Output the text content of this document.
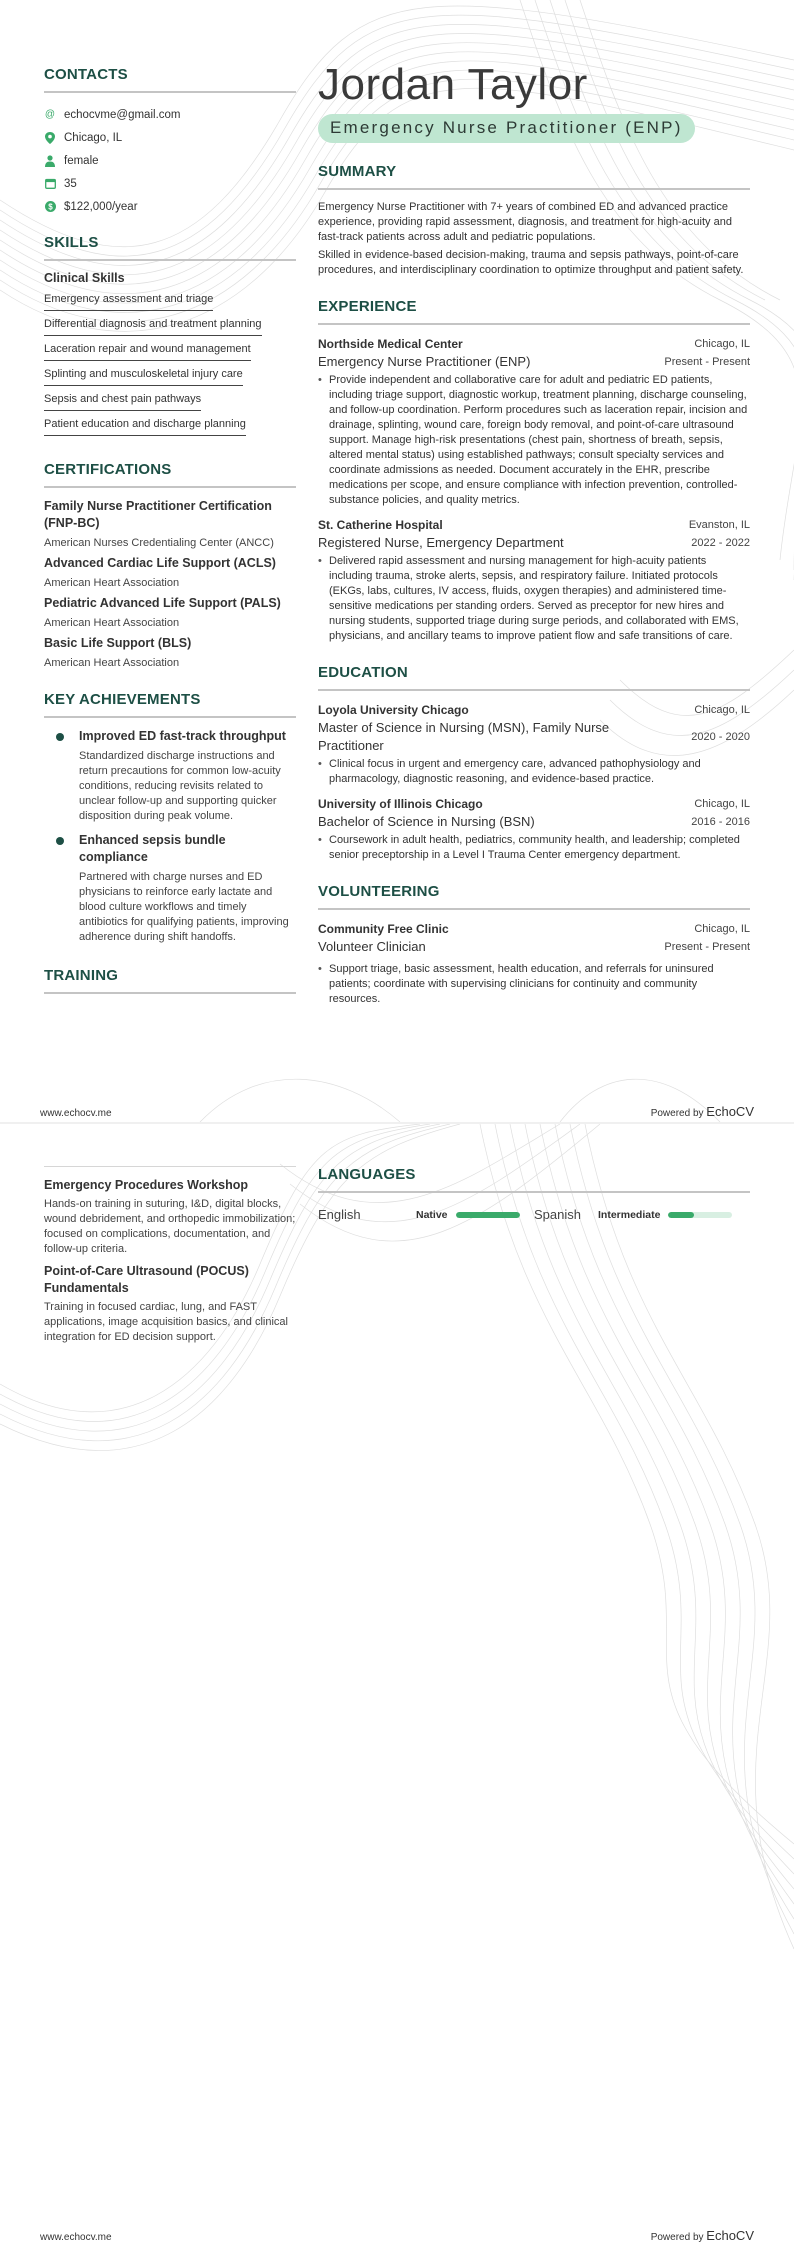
CONTACTS
@ echocvme@gmail.com
Chicago, IL
female
35
$ $122,000/year
SKILLS
Clinical Skills
Emergency assessment and triage
Differential diagnosis and treatment planning
Laceration repair and wound management
Splinting and musculoskeletal injury care
Sepsis and chest pain pathways
Patient education and discharge planning
CERTIFICATIONS
Family Nurse Practitioner Certification (FNP-BC)
American Nurses Credentialing Center (ANCC)
Advanced Cardiac Life Support (ACLS)
American Heart Association
Pediatric Advanced Life Support (PALS)
American Heart Association
Basic Life Support (BLS)
American Heart Association
KEY ACHIEVEMENTS
Improved ED fast-track throughput
Standardized discharge instructions and return precautions for common low-acuity conditions, reducing revisits related to unclear follow-up and supporting quicker disposition during peak volume.
Enhanced sepsis bundle compliance
Partnered with charge nurses and ED physicians to reinforce early lactate and blood culture workflows and timely antibiotics for qualifying patients, improving adherence during shift handoffs.
TRAINING
Jordan Taylor
Emergency Nurse Practitioner (ENP)
SUMMARY

Emergency Nurse Practitioner with 7+ years of combined ED and advanced practice experience, providing rapid assessment, diagnosis, and treatment for high-acuity and fast-track patients across adult and pediatric populations.

Skilled in evidence-based decision-making, trauma and sepsis pathways, point-of-care procedures, and interdisciplinary coordination to optimize throughput and patient safety.

EXPERIENCE
Northside Medical Center	Chicago, IL
Emergency Nurse Practitioner (ENP)	Present - Present
• Provide independent and collaborative care for adult and pediatric ED patients, including triage support, diagnostic workup, treatment planning, discharge counseling, and follow-up coordination. Perform procedures such as laceration repair, incision and drainage, splinting, wound care, foreign body removal, and point-of-care ultrasound support. Manage high-risk presentations (chest pain, shortness of breath, sepsis, altered mental status) using established pathways; consult specialty services and coordinate admissions as needed. Document accurately in the EHR, prescribe medications per scope, and ensure compliance with infection prevention, controlled-substance policies, and quality metrics.
St. Catherine Hospital	Evanston, IL
Registered Nurse, Emergency Department	2022 - 2022
• Delivered rapid assessment and nursing management for high-acuity patients including trauma, stroke alerts, sepsis, and respiratory failure. Initiated protocols (EKGs, labs, cultures, IV access, fluids, oxygen therapies) and administered time-sensitive medications per standing orders. Served as preceptor for new hires and nursing students, supported triage during surge periods, and collaborated with EMS, physicians, and ancillary teams to improve patient flow and safe transitions of care.
EDUCATION
Loyola University Chicago	Chicago, IL
Master of Science in Nursing (MSN), Family Nurse Practitioner
2020 - 2020
• Clinical focus in urgent and emergency care, advanced pathophysiology and pharmacology, diagnostic reasoning, and evidence-based practice.
University of Illinois Chicago	Chicago, IL
Bachelor of Science in Nursing (BSN)	2016 - 2016
• Coursework in adult health, pediatrics, community health, and leadership; completed senior preceptorship in a Level I Trauma Center emergency department.
VOLUNTEERING
Community Free Clinic	Chicago, IL
Volunteer Clinician	Present - Present
• Support triage, basic assessment, health education, and referrals for uninsured patients; coordinate with supervising clinicians for continuity and community resources.
www.echocv.me	Powered by EchoCV
Emergency Procedures Workshop
Hands-on training in suturing, I&D, digital blocks, wound debridement, and orthopedic immobilization; focused on complications, documentation, and follow-up criteria.
Point-of-Care Ultrasound (POCUS) Fundamentals
Training in focused cardiac, lung, and FAST applications, image acquisition basics, and clinical integration for ED decision support.
LANGUAGES
English	Native	Spanish	Intermediate
www.echocv.me	Powered by EchoCV
